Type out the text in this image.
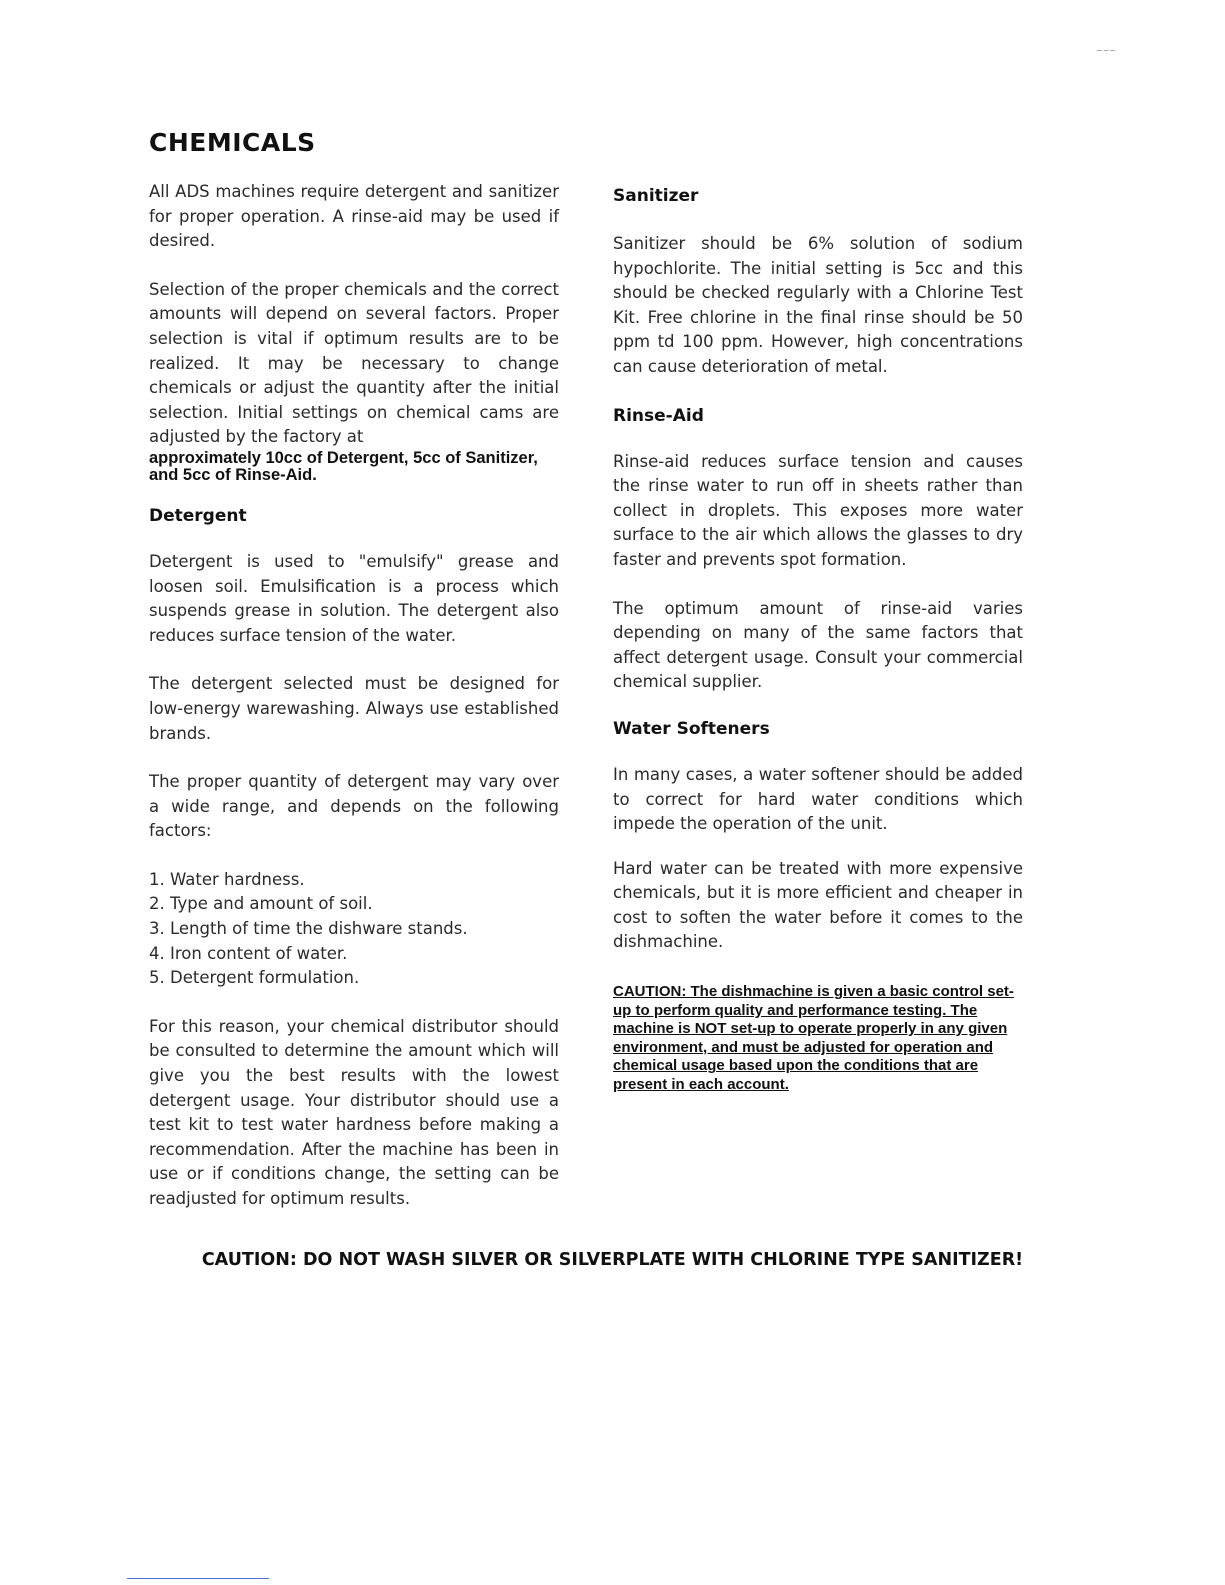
~~~
CHEMICALS

All ADS machines require detergent and sanitizer for proper operation. A rinse-aid may be used if desired.

Selection of the proper chemicals and the correct amounts will depend on several factors. Proper selection is vital if optimum results are to be realized. It may be necessary to change chemicals or adjust the quantity after the initial selection. Initial settings on chemical cams are adjusted by the factory at

approximately 10cc of Detergent, 5cc of Sanitizer, and 5cc of Rinse-Aid.

Detergent

Detergent is used to "emulsify" grease and loosen soil. Emulsification is a process which suspends grease in solution. The detergent also reduces surface tension of the water.

The detergent selected must be designed for low-energy warewashing. Always use established brands.

The proper quantity of detergent may vary over a wide range, and depends on the following factors:

1. Water hardness.
2. Type and amount of soil.
3. Length of time the dishware stands.
4. Iron content of water.
5. Detergent formulation.

For this reason, your chemical distributor should be consulted to determine the amount which will give you the best results with the lowest detergent usage. Your distributor should use a test kit to test water hardness before making a recommendation. After the machine has been in use or if conditions change, the setting can be readjusted for optimum results.

Sanitizer

Sanitizer should be 6% solution of sodium hypochlorite. The initial setting is 5cc and this should be checked regularly with a Chlorine Test Kit. Free chlorine in the final rinse should be 50 ppm td 100 ppm. However, high concentrations can cause deterioration of metal.

Rinse-Aid

Rinse-aid reduces surface tension and causes the rinse water to run off in sheets rather than collect in droplets. This exposes more water surface to the air which allows the glasses to dry faster and prevents spot formation.

The optimum amount of rinse-aid varies depending on many of the same factors that affect detergent usage. Consult your commercial chemical supplier.

Water Softeners

In many cases, a water softener should be added to correct for hard water conditions which impede the operation of the unit.

Hard water can be treated with more expensive chemicals, but it is more efficient and cheaper in cost to soften the water before it comes to the dishmachine.

CAUTION: The dishmachine is given a basic control set-up to perform quality and performance testing. The machine is NOT set-up to operate properly in any given environment, and must be adjusted for operation and chemical usage based upon the conditions that are present in each account.

CAUTION: DO NOT WASH SILVER OR SILVERPLATE WITH CHLORINE TYPE SANITIZER!
